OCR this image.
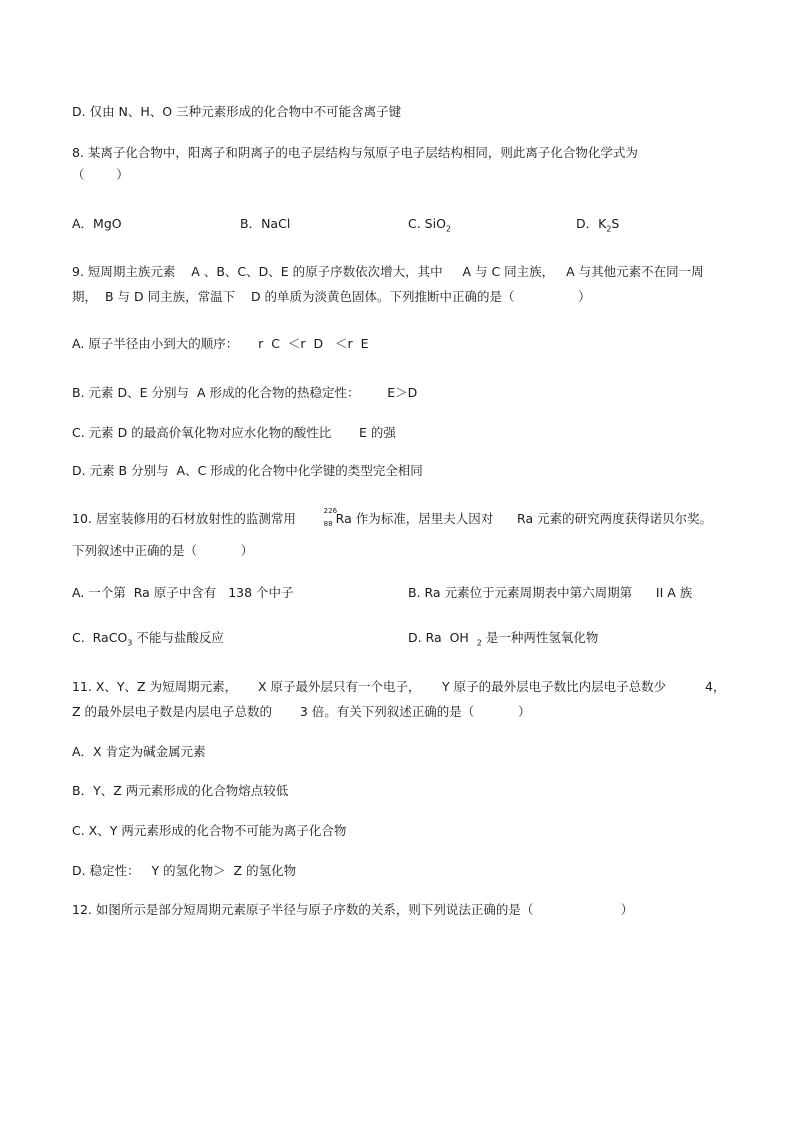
D. 仅由 N、H、O 三种元素形成的化合物中不可能含离子键
8. 某离子化合物中，阳离子和阴离子的电子层结构与氖原子电子层结构相同，则此离子化合物化学式为
（        ）

A．MgO

	B．NaCl

	C. SiO$_2$

	D．$K_2S$

9. 短周期主族元素    A 、B、C、D、E 的原子序数依次增大，其中     A 与 C 同主族，   A 与其他元素不在同一周
期，  B 与 D 同主族，常温下    D 的单质为淡黄色固体。下列推断中正确的是（                ）
A. 原子半径由小到大的顺序：     r  C  ＜r  D   ＜r  E
B. 元素 D、E 分别与  A 形成的化合物的热稳定性：       E＞D
C. 元素 D 的最高价氧化物对应水化物的酸性比       E 的强
D. 元素 B 分别与  A、C 形成的化合物中化学键的类型完全相同
10. 居室装修用的石材放射性的监测常用 226
88 Ra 作为标准，居里夫人因对      Ra 元素的研究两度获得诺贝尔奖。
下列叙述中正确的是（           ）

A. 一个第  Ra 原子中含有   138 个中子

	B. Ra 元素位于元素周期表中第六周期第      II A 族

C.  RaCO$_3$ 不能与盐酸反应

	D. Ra  OH  $_2$ 是一种两性氢氧化物

11. X、Y、Z 为短周期元素，

X 原子最外层只有一个电子，

Y 原子的最外层电子数比内层电子总数少

	4，

Z 的最外层电子数是内层电子总数的       3 倍。有关下列叙述正确的是（           ）
A．X 肯定为碱金属元素
B．Y、Z 两元素形成的化合物熔点较低
C. X、Y 两元素形成的化合物不可能为离子化合物
D. 稳定性：   Y 的氢化物＞  Z 的氢化物
12. 如图所示是部分短周期元素原子半径与原子序数的关系，则下列说法正确的是（                      ）
